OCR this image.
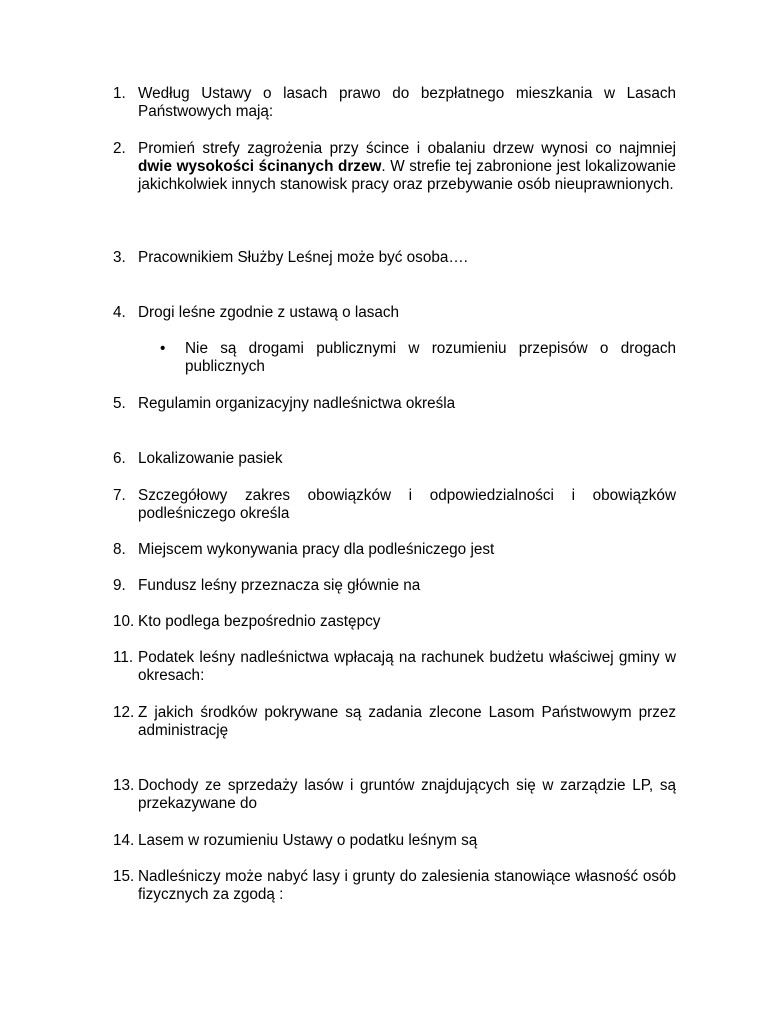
1. Według Ustawy o lasach prawo do bezpłatnego mieszkania w Lasach Państwowych mają:
2. Promień strefy zagrożenia przy ścince i obalaniu drzew wynosi co najmniej dwie wysokości ścinanych drzew. W strefie tej zabronione jest lokalizowanie jakichkolwiek innych stanowisk pracy oraz przebywanie osób nieuprawnionych.
3. Pracownikiem Służby Leśnej może być osoba….
4. Drogi leśne zgodnie z ustawą o lasach
• Nie są drogami publicznymi w rozumieniu przepisów o drogach publicznych
5. Regulamin organizacyjny nadleśnictwa określa
6. Lokalizowanie pasiek
7. Szczegółowy zakres obowiązków i odpowiedzialności i obowiązków podleśniczego określa
8. Miejscem wykonywania pracy dla podleśniczego jest
9. Fundusz leśny przeznacza się głównie na
10. Kto podlega bezpośrednio zastępcy
11. Podatek leśny nadleśnictwa wpłacają na rachunek budżetu właściwej gminy w okresach:
12. Z jakich środków pokrywane są zadania zlecone Lasom Państwowym przez administrację
13. Dochody ze sprzedaży lasów i gruntów znajdujących się w zarządzie LP, są przekazywane do
14. Lasem w rozumieniu Ustawy o podatku leśnym są
15. Nadleśniczy może nabyć lasy i grunty do zalesienia stanowiące własność osób fizycznych za zgodą :
